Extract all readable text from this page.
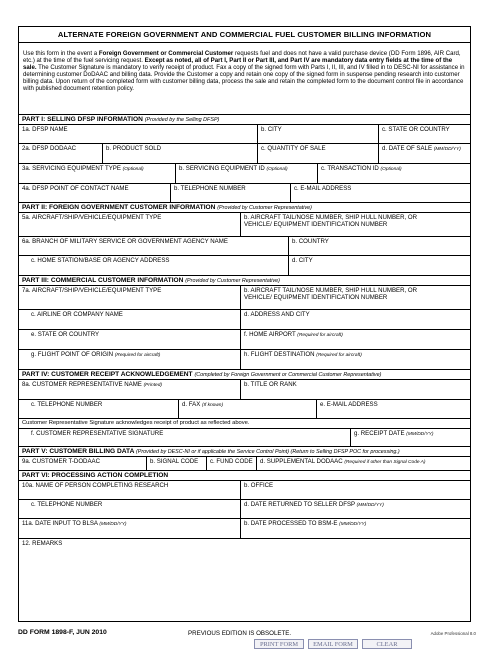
ALTERNATE FOREIGN GOVERNMENT AND COMMERCIAL FUEL CUSTOMER BILLING INFORMATION
Use this form in the event a Foreign Government or Commercial Customer requests fuel and does not have a valid purchase device (DD Form 1896, AIR Card, etc.) at the time of the fuel servicing request. Except as noted, all of Part I, Part II or Part III, and Part IV are mandatory data entry fields at the time of the sale. The Customer Signature is mandatory to verify receipt of product. Fax a copy of the signed form with Parts I, II, III, and IV filled in to DESC-NI for assistance in determining customer DoDAAC and billing data. Provide the Customer a copy and retain one copy of the signed form in suspense pending research into customer billing data. Upon return of the completed form with customer billing data, process the sale and retain the completed form to the document control file in accordance with published document retention policy.
PART I: SELLING DFSP INFORMATION (Provided by the Selling DFSP)
1a. DFSP NAME	b. CITY	c. STATE OR COUNTRY
2a. DFSP DODAAC	b. PRODUCT SOLD	c. QUANTITY OF SALE	d. DATE OF SALE (MM/DD/YY)
3a. SERVICING EQUIPMENT TYPE (Optional)	b. SERVICING EQUIPMENT ID (Optional)	c. TRANSACTION ID (Optional)
4a. DFSP POINT OF CONTACT NAME	b. TELEPHONE NUMBER	c. E-MAIL ADDRESS
PART II: FOREIGN GOVERNMENT CUSTOMER INFORMATION (Provided by Customer Representative)
5a. AIRCRAFT/SHIP/VEHICLE/EQUIPMENT TYPE	b. AIRCRAFT TAIL/NOSE NUMBER, SHIP HULL NUMBER, OR VEHICLE/ EQUIPMENT IDENTIFICATION NUMBER
6a. BRANCH OF MILITARY SERVICE OR GOVERNMENT AGENCY NAME	b. COUNTRY
c. HOME STATION/BASE OR AGENCY ADDRESS	d. CITY
PART III: COMMERCIAL CUSTOMER INFORMATION (Provided by Customer Representative)
7a. AIRCRAFT/SHIP/VEHICLE/EQUIPMENT TYPE	b. AIRCRAFT TAIL/NOSE NUMBER, SHIP HULL NUMBER, OR VEHICLE/ EQUIPMENT IDENTIFICATION NUMBER
c. AIRLINE OR COMPANY NAME	d. ADDRESS AND CITY
e. STATE OR COUNTRY	f. HOME AIRPORT (Required for aircraft)
g. FLIGHT POINT OF ORIGIN (Required for aircraft)	h. FLIGHT DESTINATION (Required for aircraft)
PART IV: CUSTOMER RECEIPT ACKNOWLEDGEMENT (Completed by Foreign Government or Commercial Customer Representative)
8a. CUSTOMER REPRESENTATIVE NAME (Printed)	b. TITLE OR RANK
c. TELEPHONE NUMBER	d. FAX (If known)	e. E-MAIL ADDRESS
Customer Representative Signature acknowledges receipt of product as reflected above.
f. CUSTOMER REPRESENTATIVE SIGNATURE	g. RECEIPT DATE (MM/DD/YY)
PART V: CUSTOMER BILLING DATA (Provided by DESC-NI or if applicable the Service Control Point) (Return to Selling DFSP POC for processing.)
9a. CUSTOMER T-DODAAC	b. SIGNAL CODE	c. FUND CODE	d. SUPPLEMENTAL DODAAC (Required if other than Signal Code A)
PART VI: PROCESSING ACTION COMPLETION
10a. NAME OF PERSON COMPLETING RESEARCH	b. OFFICE
c. TELEPHONE NUMBER	d. DATE RETURNED TO SELLER DFSP (MM/DD/YY)
11a. DATE INPUT TO BLSA (MM/DD/YY)	b. DATE PROCESSED TO BSM-E (MM/DD/YY)
12. REMARKS
DD FORM 1898-F, JUN 2010	PREVIOUS EDITION IS OBSOLETE.	Adobe Professional 8.0
PRINT FORM	EMAIL FORM	CLEAR
